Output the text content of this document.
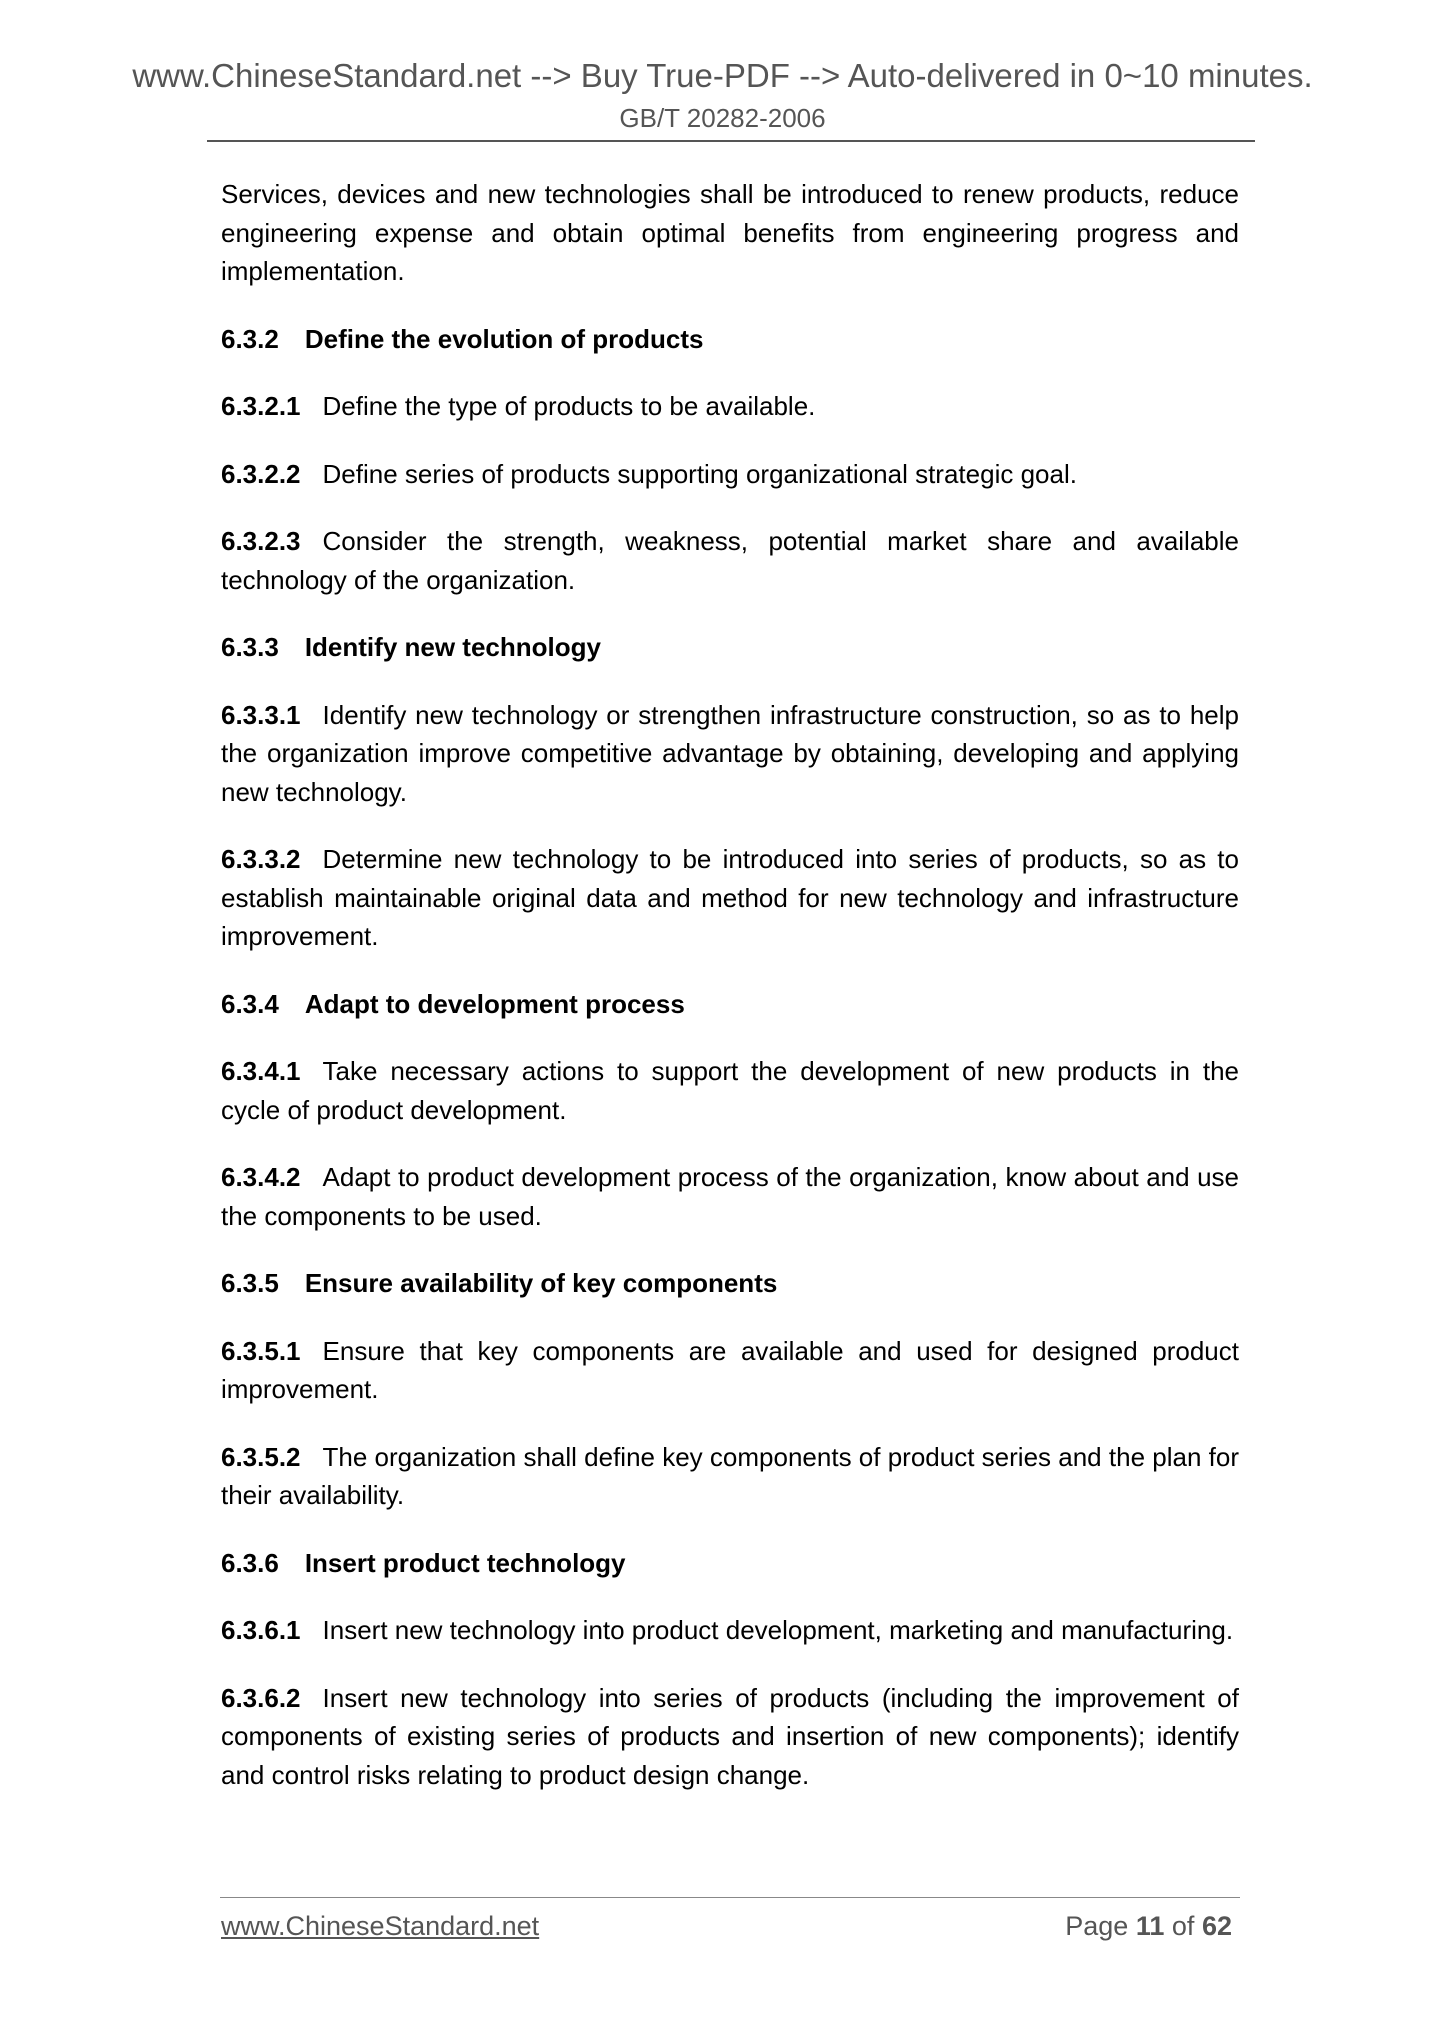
www.ChineseStandard.net --> Buy True-PDF --> Auto-delivered in 0~10 minutes.
GB/T 20282-2006

Services, devices and new technologies shall be introduced to renew products, reduce engineering expense and obtain optimal benefits from engineering progress and implementation.

6.3.2 Define the evolution of products

6.3.2.1 Define the type of products to be available.

6.3.2.2 Define series of products supporting organizational strategic goal.

6.3.2.3 Consider the strength, weakness, potential market share and available technology of the organization.

6.3.3 Identify new technology

6.3.3.1 Identify new technology or strengthen infrastructure construction, so as to help the organization improve competitive advantage by obtaining, developing and applying new technology.

6.3.3.2 Determine new technology to be introduced into series of products, so as to establish maintainable original data and method for new technology and infrastructure improvement.

6.3.4 Adapt to development process

6.3.4.1 Take necessary actions to support the development of new products in the cycle of product development.

6.3.4.2 Adapt to product development process of the organization, know about and use the components to be used.

6.3.5 Ensure availability of key components

6.3.5.1 Ensure that key components are available and used for designed product improvement.

6.3.5.2 The organization shall define key components of product series and the plan for their availability.

6.3.6 Insert product technology

6.3.6.1 Insert new technology into product development, marketing and manufacturing.

6.3.6.2 Insert new technology into series of products (including the improvement of components of existing series of products and insertion of new components); identify and control risks relating to product design change.

www.ChineseStandard.net	Page 11 of 62
